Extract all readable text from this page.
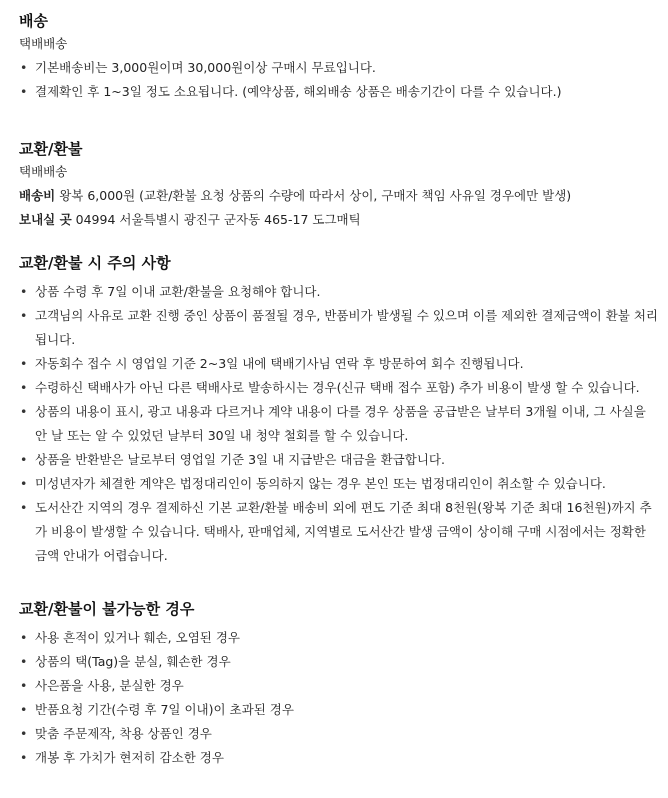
배송

택배배송

• 기본배송비는 3,000원이며 30,000원이상 구매시 무료입니다.
• 결제확인 후 1~3일 정도 소요됩니다. (예약상품, 해외배송 상품은 배송기간이 다를 수 있습니다.)
교환/환불

택배배송

배송비 왕복 6,000원 (교환/환불 요청 상품의 수량에 따라서 상이, 구매자 책임 사유일 경우에만 발생)

보내실 곳 04994 서울특별시 광진구 군자동 465-17 도그매틱

교환/환불 시 주의 사항
• 상품 수령 후 7일 이내 교환/환불을 요청해야 합니다.
• 고객님의 사유로 교환 진행 중인 상품이 품절될 경우, 반품비가 발생될 수 있으며 이를 제외한 결제금액이 환불 처리됩니다.
• 자동회수 접수 시 영업일 기준 2~3일 내에 택배기사님 연락 후 방문하여 회수 진행됩니다.
• 수령하신 택배사가 아닌 다른 택배사로 발송하시는 경우(신규 택배 접수 포함) 추가 비용이 발생 할 수 있습니다.
• 상품의 내용이 표시, 광고 내용과 다르거나 계약 내용이 다를 경우 상품을 공급받은 날부터 3개월 이내, 그 사실을 안 날 또는 알 수 있었던 날부터 30일 내 청약 철회를 할 수 있습니다.
• 상품을 반환받은 날로부터 영업일 기준 3일 내 지급받은 대금을 환급합니다.
• 미성년자가 체결한 계약은 법정대리인이 동의하지 않는 경우 본인 또는 법정대리인이 취소할 수 있습니다.
• 도서산간 지역의 경우 결제하신 기본 교환/환불 배송비 외에 편도 기준 최대 8천원(왕복 기준 최대 16천원)까지 추가 비용이 발생할 수 있습니다. 택배사, 판매업체, 지역별로 도서산간 발생 금액이 상이해 구매 시점에서는 정확한 금액 안내가 어렵습니다.
교환/환불이 불가능한 경우
• 사용 흔적이 있거나 훼손, 오염된 경우
• 상품의 택(Tag)을 분실, 훼손한 경우
• 사은품을 사용, 분실한 경우
• 반품요청 기간(수령 후 7일 이내)이 초과된 경우
• 맞춤 주문제작, 착용 상품인 경우
• 개봉 후 가치가 현저히 감소한 경우
